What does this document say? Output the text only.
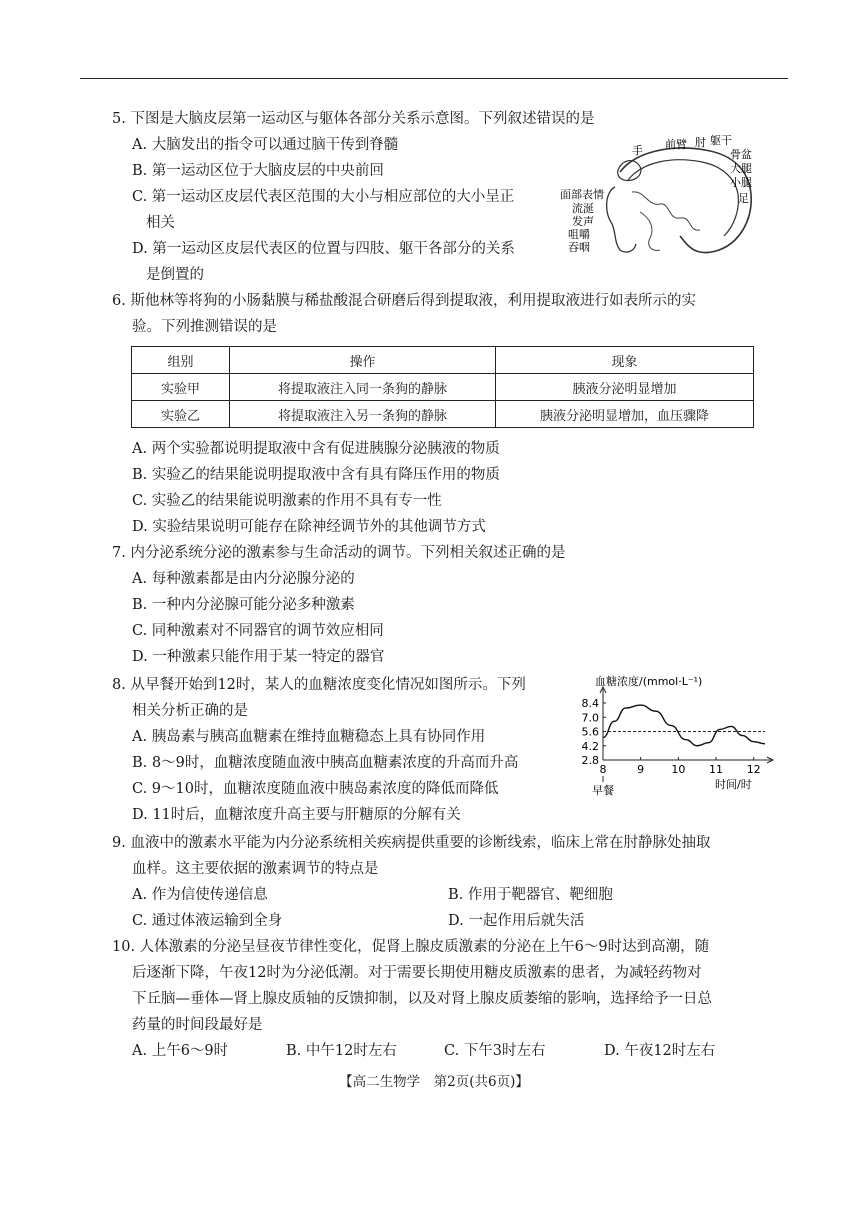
5. 下图是大脑皮层第一运动区与躯体各部分关系示意图。下列叙述错误的是
A. 大脑发出的指令可以通过脑干传到脊髓
B. 第一运动区位于大脑皮层的中央前回
C. 第一运动区皮层代表区范围的大小与相应部位的大小呈正
相关
D. 第一运动区皮层代表区的位置与四肢、躯干各部分的关系
是倒置的
前臂 肘 躯干
手	骨盆
大腿
小腿
足
面部表情
流涎
发声
咀嚼
吞咽
6. 斯他林等将狗的小肠黏膜与稀盐酸混合研磨后得到提取液，利用提取液进行如表所示的实
验。下列推测错误的是
组别	操作	现象
实验甲	将提取液注入同一条狗的静脉	胰液分泌明显增加
实验乙	将提取液注入另一条狗的静脉	胰液分泌明显增加，血压骤降
A. 两个实验都说明提取液中含有促进胰腺分泌胰液的物质
B. 实验乙的结果能说明提取液中含有具有降压作用的物质
C. 实验乙的结果能说明激素的作用不具有专一性
D. 实验结果说明可能存在除神经调节外的其他调节方式
7. 内分泌系统分泌的激素参与生命活动的调节。下列相关叙述正确的是
A. 每种激素都是由内分泌腺分泌的
B. 一种内分泌腺可能分泌多种激素
C. 同种激素对不同器官的调节效应相同
D. 一种激素只能作用于某一特定的器官
8. 从早餐开始到12时，某人的血糖浓度变化情况如图所示。下列
相关分析正确的是
A. 胰岛素与胰高血糖素在维持血糖稳态上具有协同作用
B. 8～9时，血糖浓度随血液中胰高血糖素浓度的升高而升高
C. 9～10时，血糖浓度随血液中胰岛素浓度的降低而降低
D. 11时后，血糖浓度升高主要与肝糖原的分解有关
血糖浓度/(mmol·L⁻¹)
时间/时
2.8
4.2
5.6
7.0
8.4
8	9 10 11 12
早餐
9. 血液中的激素水平能为内分泌系统相关疾病提供重要的诊断线索，临床上常在肘静脉处抽取
血样。这主要依据的激素调节的特点是
A. 作为信使传递信息	B. 作用于靶器官、靶细胞
C. 通过体液运输到全身	D. 一起作用后就失活
10. 人体激素的分泌呈昼夜节律性变化，促肾上腺皮质激素的分泌在上午6～9时达到高潮，随
后逐渐下降，午夜12时为分泌低潮。对于需要长期使用糖皮质激素的患者，为减轻药物对
下丘脑—垂体—肾上腺皮质轴的反馈抑制，以及对肾上腺皮质萎缩的影响，选择给予一日总
药量的时间段最好是
A. 上午6～9时	B. 中午12时左右	C. 下午3时左右	D. 午夜12时左右
【高二生物学　第2页(共6页)】
